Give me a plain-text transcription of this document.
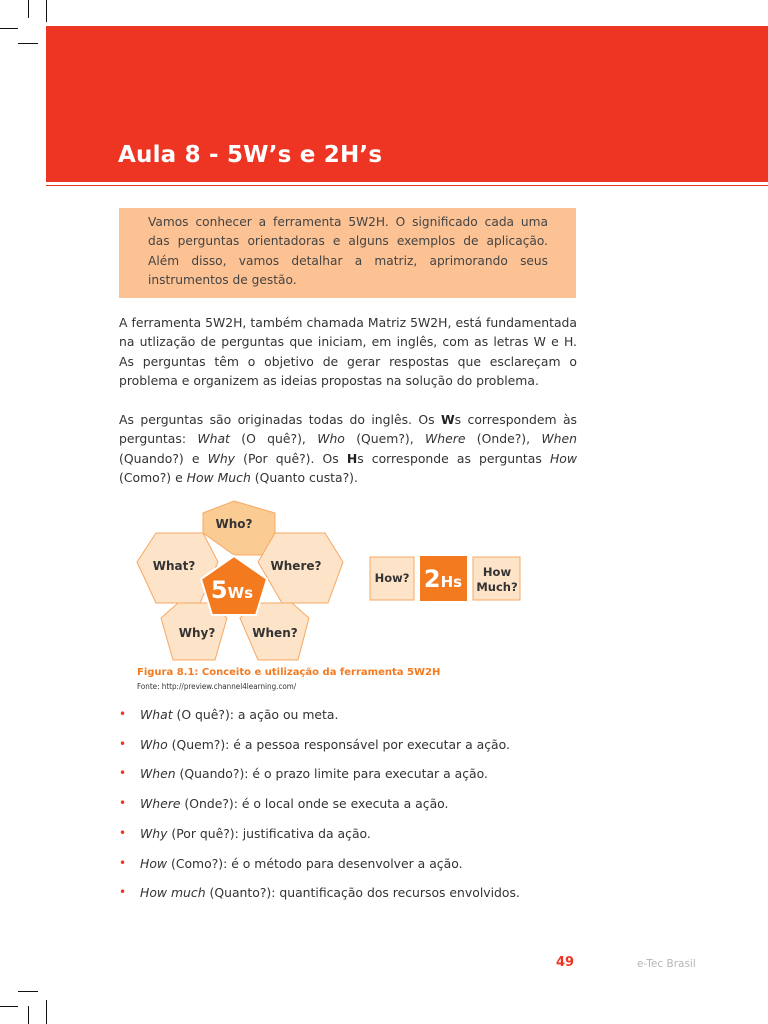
Aula 8 - 5W’s e 2H’s
Vamos conhecer a ferramenta 5W2H. O significado cada uma das perguntas orientadoras e alguns exemplos de aplicação. Além disso, vamos detalhar a matriz, aprimorando seus instrumentos de gestão.

A ferramenta 5W2H, também chamada Matriz 5W2H, está fundamentada na utlização de perguntas que iniciam, em inglês, com as letras W e H. As perguntas têm o objetivo de gerar respostas que esclareçam o problema e organizem as ideias propostas na solução do problema.

As perguntas são originadas todas do inglês. Os Ws correspondem às perguntas: What (O quê?), Who (Quem?), Where (Onde?), When (Quando?) e Why (Por quê?). Os Hs corresponde as perguntas How (Como?) e How Much (Quanto custa?).

Who?
What?	Where?
Why?	When?
5Ws
How? 2Hs
How
Much?

Figura 8.1: Conceito e utilização da ferramenta 5W2H

Fonte: http://preview.channel4learning.com/

• What (O quê?): a ação ou meta.
• Who (Quem?): é a pessoa responsável por executar a ação.
• When (Quando?): é o prazo limite para executar a ação.
• Where (Onde?): é o local onde se executa a ação.
• Why (Por quê?): justificativa da ação.
• How (Como?): é o método para desenvolver a ação.
• How much (Quanto?): quantificação dos recursos envolvidos.

49	e-Tec Brasil
